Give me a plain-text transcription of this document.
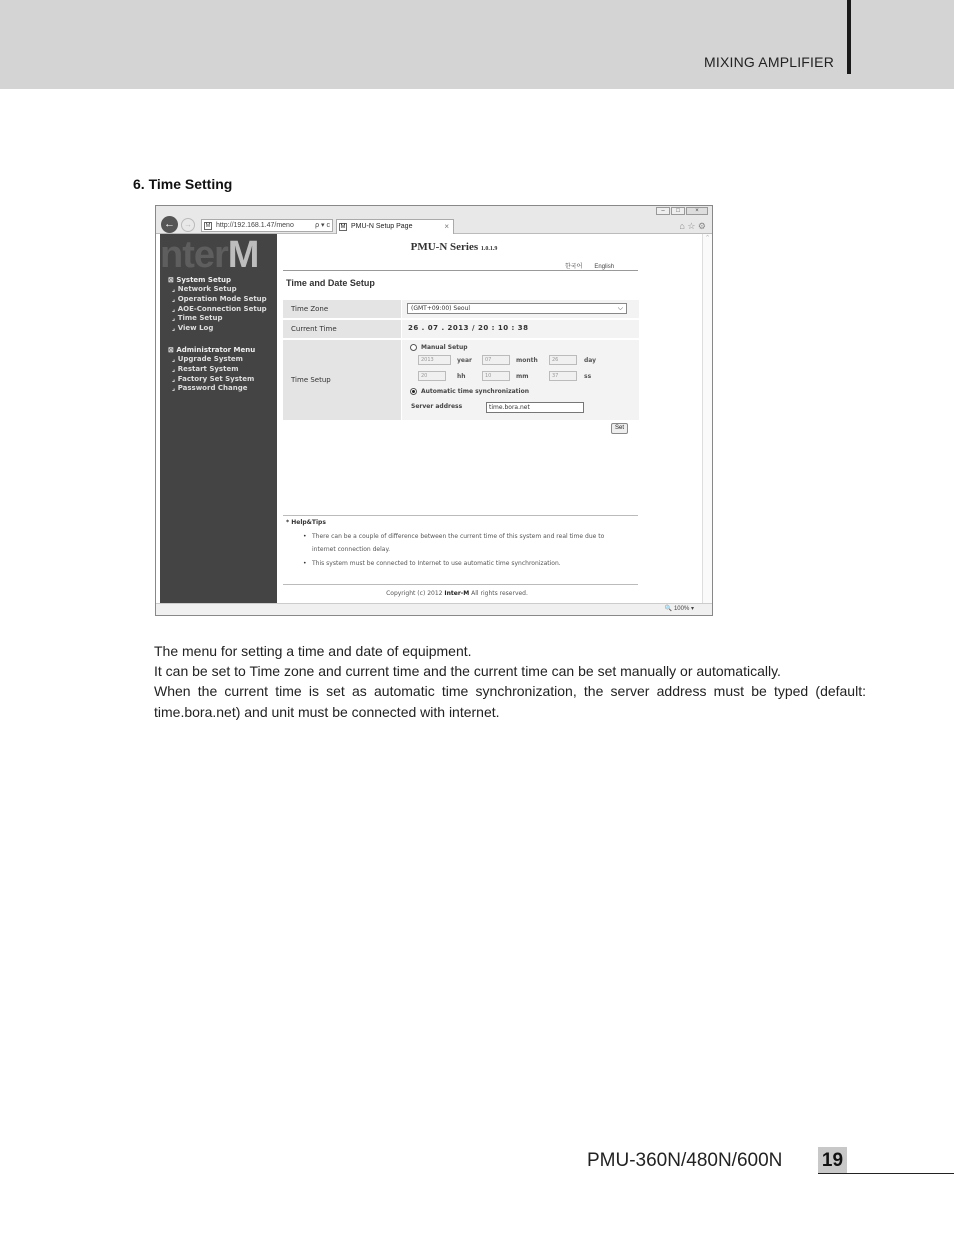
MIXING AMPLIFIER
6. Time Setting
–	□	×
←	→	M http://192.168.1.47/meno	ρ ▾ c M PMU-N Setup Page	×	⌂ ☆ ⚙
nterM
⊠ System Setup
⌟ Network Setup
⌟ Operation Mode Setup
⌟ AOE-Connection Setup
⌟ Time Setup
⌟ View Log
⊠ Administrator Menu
⌟ Upgrade System
⌟ Restart System
⌟ Factory Set System
⌟ Password Change
PMU-N Series 1.0.1.9
한국어 English
Time and Date Setup
Time Zone	(GMT+09:00) Seoul	⌵
Current Time	26 . 07 . 2013 / 20 : 10 : 38
Time Setup
Manual Setup
2013	year	07	month	26	day
20	hh	10	mm	37	ss
Automatic time synchronization
Server address	time.bora.net
Set
* Help&Tips
• There can be a couple of difference between the current time of this system and real time due to internet connection delay.
• This system must be connected to Internet to use automatic time synchronization.
Copyright (c) 2012 Inter-M All rights reserved.
⌃
🔍 100% ▾
The menu for setting a time and date of equipment.
It can be set to Time zone and current time and the current time can be set manually or automatically.
When the current time is set as automatic time synchronization, the server address must be typed (default: time.bora.net) and unit must be connected with internet.
PMU-360N/480N/600N 19
